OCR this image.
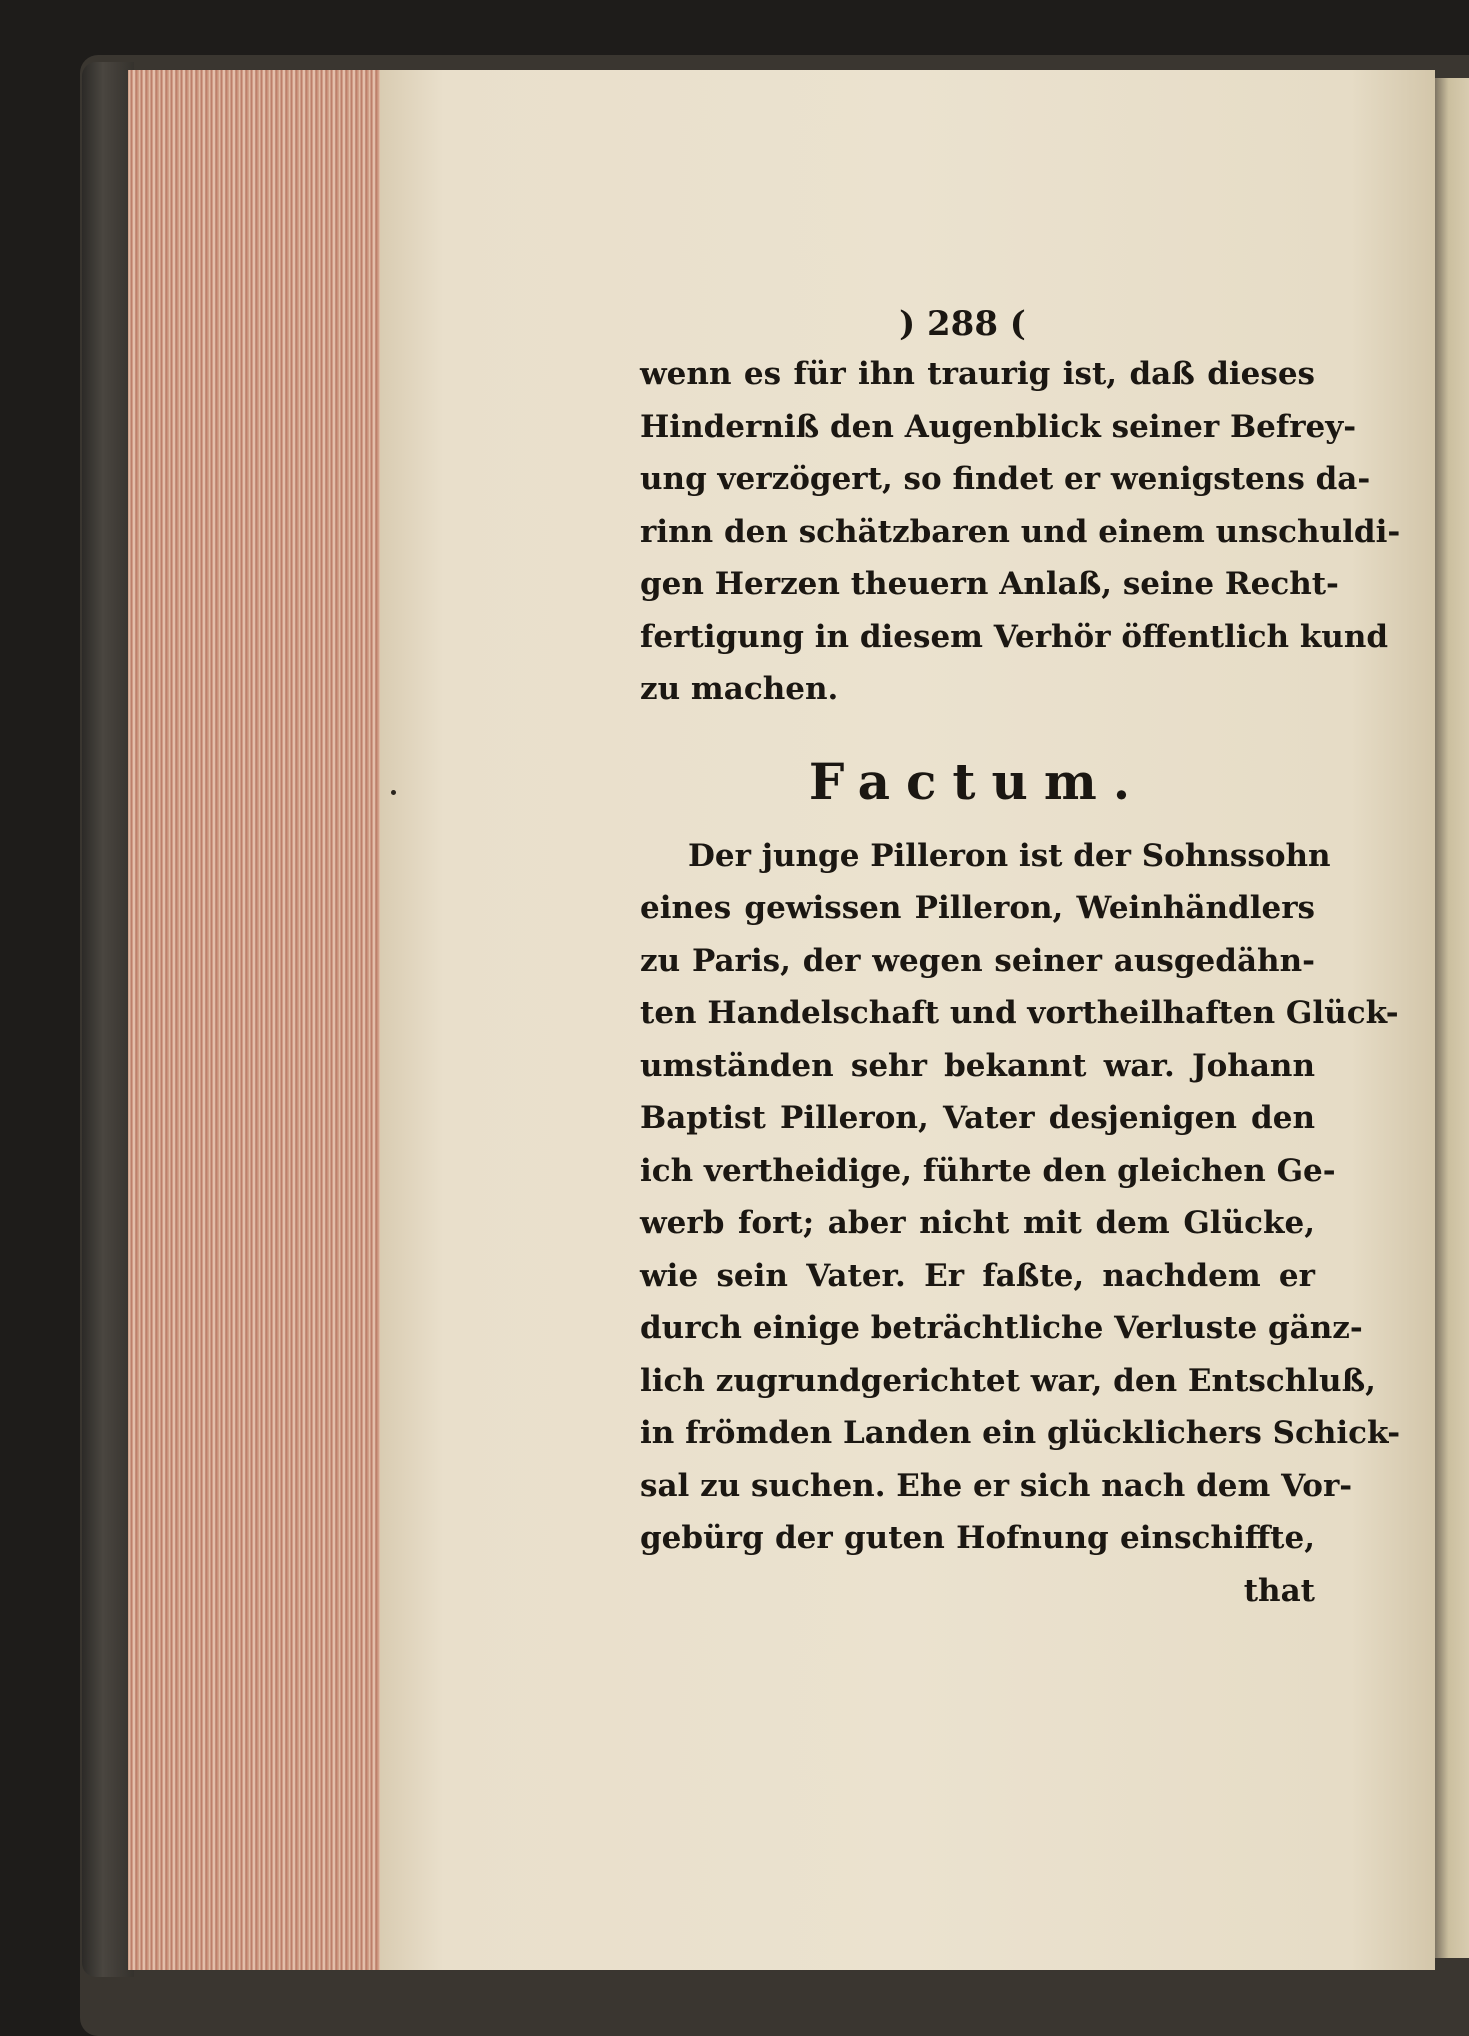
) 288 (
wenn es für ihn traurig ist, daß dieses
Hinderniß den Augenblick seiner Befrey-
ung verzögert, so findet er wenigstens da-
rinn den schätzbaren und einem unschuldi-
gen Herzen theuern Anlaß, seine Recht-
fertigung in diesem Verhör öffentlich kund
zu machen.
Factum.
Der junge Pilleron ist der Sohnssohn
eines gewissen Pilleron, Weinhändlers
zu Paris, der wegen seiner ausgedähn-
ten Handelschaft und vortheilhaften Glück-
umständen sehr bekannt war. Johann
Baptist Pilleron, Vater desjenigen den
ich vertheidige, führte den gleichen Ge-
werb fort; aber nicht mit dem Glücke,
wie sein Vater. Er faßte, nachdem er
durch einige beträchtliche Verluste gänz-
lich zugrundgerichtet war, den Entschluß,
in frömden Landen ein glücklichers Schick-
sal zu suchen. Ehe er sich nach dem Vor-
gebürg der guten Hofnung einschiffte,
that
